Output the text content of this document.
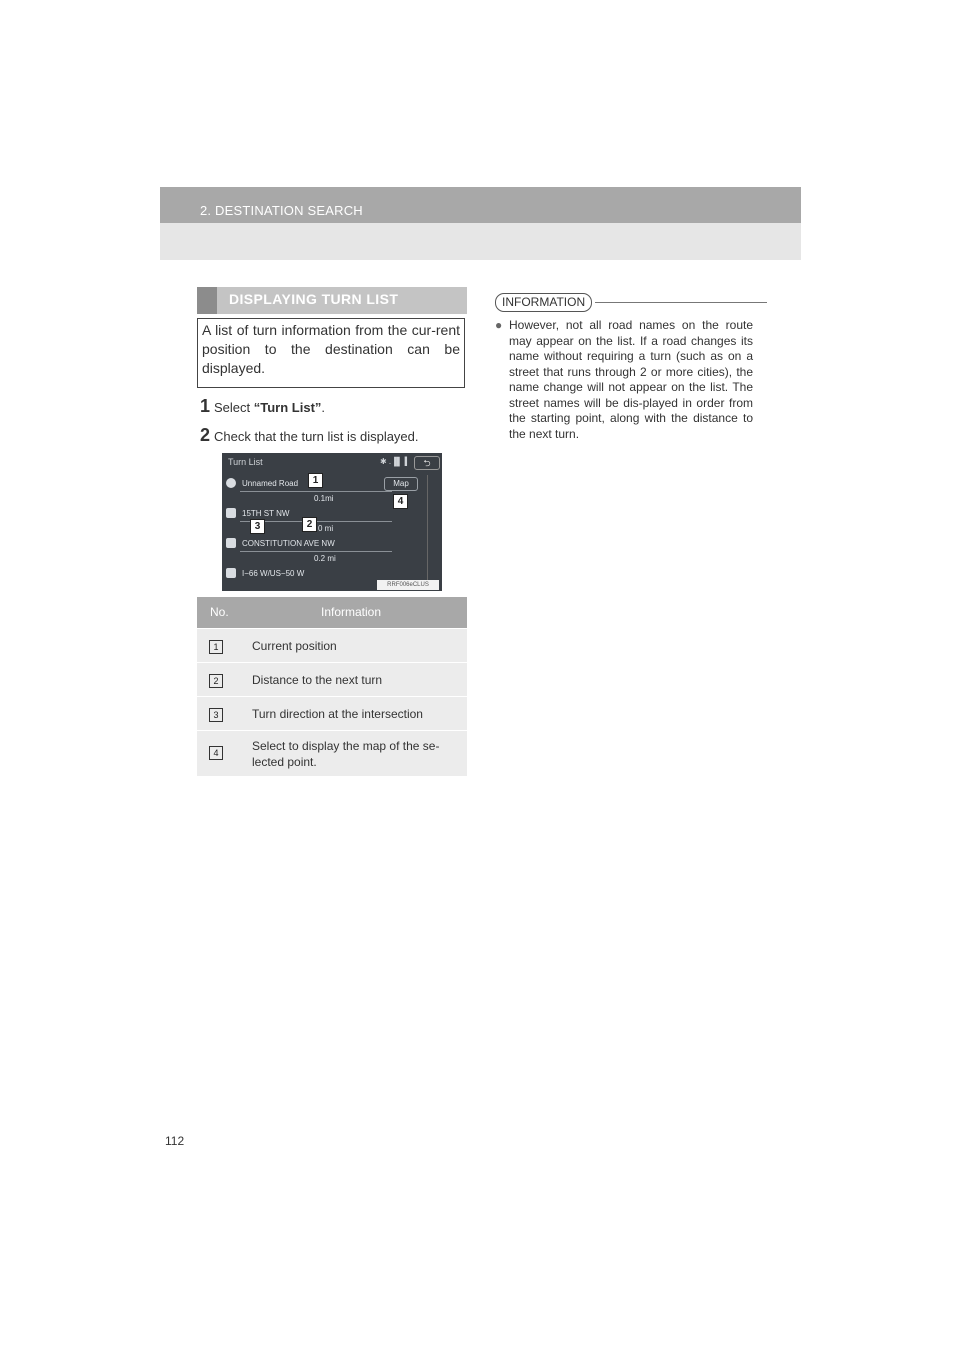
2. DESTINATION SEARCH
DISPLAYING TURN LIST
A list of turn information from the cur-rent position to the destination can be displayed.
1 Select “Turn List”.
2 Check that the turn list is displayed.
Turn List	✱ .▐▌ ▍	⮌
Unnamed Road
0.1mi
15TH ST NW
0 mi
CONSTITUTION AVE NW
0.2 mi
I−66 W/US−50 W
Map
RRF006eCLUS
1
2
3
4
No.	Information
1	Current position
2	Distance to the next turn
3	Turn direction at the intersection
4	Select to display the map of the se-lected point.
INFORMATION
● However, not all road names on the route may appear on the list. If a road changes its name without requiring a turn (such as on a street that runs through 2 or more cities), the name change will not appear on the list. The street names will be dis-played in order from the starting point, along with the distance to the next turn.
112
